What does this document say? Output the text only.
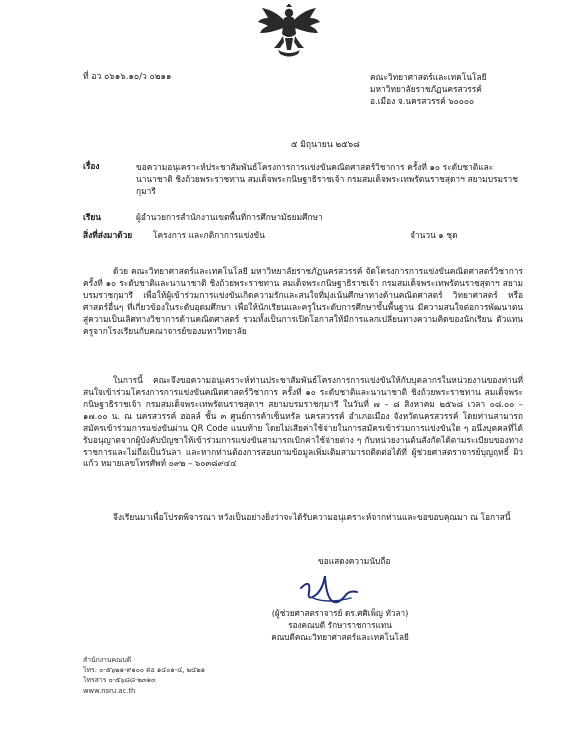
ที่ อว ๐๖๑๖.๑๐/ว ๐๒๑๑	คณะวิทยาศาสตร์และเทคโนโลยี
มหาวิทยาลัยราชภัฏนครสวรรค์
อ.เมือง จ.นครสวรรค์ ๖๐๐๐๐
๕ มิถุนายน ๒๕๖๘
เรื่อง	ขอความอนุเคราะห์ประชาสัมพันธ์โครงการการแข่งขันคณิตศาสตร์วิชาการ ครั้งที่ ๑๐ ระดับชาติและนานาชาติ ชิงถ้วยพระราชทาน สมเด็จพระกนิษฐาธิราชเจ้า กรมสมเด็จพระเทพรัตนราชสุดาฯ สยามบรมราชกุมารี
เรียน	ผู้อำนวยการสำนักงานเขตพื้นที่การศึกษามัธยมศึกษา
สิ่งที่ส่งมาด้วย	โครงการ และกติกาการแข่งขัน	จำนวน ๑ ชุด

ด้วย คณะวิทยาศาสตร์และเทคโนโลยี มหาวิทยาลัยราชภัฏนครสวรรค์ จัดโครงการการแข่งขันคณิตศาสตร์วิชาการ ครั้งที่ ๑๐ ระดับชาติและนานาชาติ ชิงถ้วยพระราชทาน สมเด็จพระกนิษฐาธิราชเจ้า กรมสมเด็จพระเทพรัตนราชสุดาฯ สยามบรมราชกุมารี เพื่อให้ผู้เข้าร่วมการแข่งขันเกิดความรักและสนใจที่มุ่งเน้นศึกษาทางด้านคณิตศาสตร์ วิทยาศาสตร์ หรือศาสตร์อื่นๆ ที่เกี่ยวข้องในระดับอุดมศึกษา เพื่อให้นักเรียนและครูในระดับการศึกษาขั้นพื้นฐาน มีความสนใจต่อการพัฒนาตนสู่ความเป็นเลิศทางวิชาการด้านคณิตศาสตร์ รวมทั้งเป็นการเปิดโอกาสให้มีการแลกเปลี่ยนทางความคิดของนักเรียน ตัวแทนครูจากโรงเรียนกับคณาจารย์ของมหาวิทยาลัย

ในการนี้ คณะจึงขอความอนุเคราะห์ท่านประชาสัมพันธ์โครงการการแข่งขันให้กับบุคลากรในหน่วยงานของท่านที่สนใจเข้าร่วมโครงการการแข่งขันคณิตศาสตร์วิชาการ ครั้งที่ ๑๐ ระดับชาติและนานาชาติ ชิงถ้วยพระราชทาน สมเด็จพระกนิษฐาธิราชเจ้า กรมสมเด็จพระเทพรัตนราชสุดาฯ สยามบรมราชกุมารี ในวันที่ ๗ – ๘ สิงหาคม ๒๕๖๘ เวลา ๐๘.๐๐ – ๑๗.๐๐ น. ณ นครสวรรค์ ฮอลล์ ชั้น ๓ ศูนย์การค้าเซ็นทรัล นครสวรรค์ อำเภอเมือง จังหวัดนครสวรรค์ โดยท่านสามารถสมัครเข้าร่วมการแข่งขันผ่าน QR Code แนบท้าย โดยไม่เสียค่าใช้จ่ายในการสมัครเข้าร่วมการแข่งขันใด ๆ อนึ่งบุคคลที่ได้รับอนุญาตจากผู้บังคับบัญชาให้เข้าร่วมการแข่งขันสามารถเบิกค่าใช้จ่ายต่าง ๆ กับหน่วยงานต้นสังกัดได้ตามระเบียบของทางราชการและไม่ถือเป็นวันลา และหากท่านต้องการสอบถามข้อมูลเพิ่มเติมสามารถติดต่อได้ที่ ผู้ช่วยศาสตราจารย์บุญฤทธิ์ ผิวแก้ว หมายเลขโทรศัพท์ ๐๙๒ – ๖๐๓๘๙๔๔

จึงเรียนมาเพื่อโปรดพิจารณา หวังเป็นอย่างยิ่งว่าจะได้รับความอนุเคราะห์จากท่านและขอขอบคุณมา ณ โอกาสนี้

ขอแสดงความนับถือ
(ผู้ช่วยศาสตราจารย์ ดร.ศศิเพ็ญ ทัวลา)
รองคณบดี รักษาราชการแทน
คณบดีคณะวิทยาศาสตร์และเทคโนโลยี
สำนักงานคณบดี
โทร. ๐-๕๖๒๑-๙๑๐๐ ต่อ ๑๔๐๑-๔, ๒๔๒๑
โทรสาร ๐-๕๖๘๘-๒๓๑๓
www.nsru.ac.th
